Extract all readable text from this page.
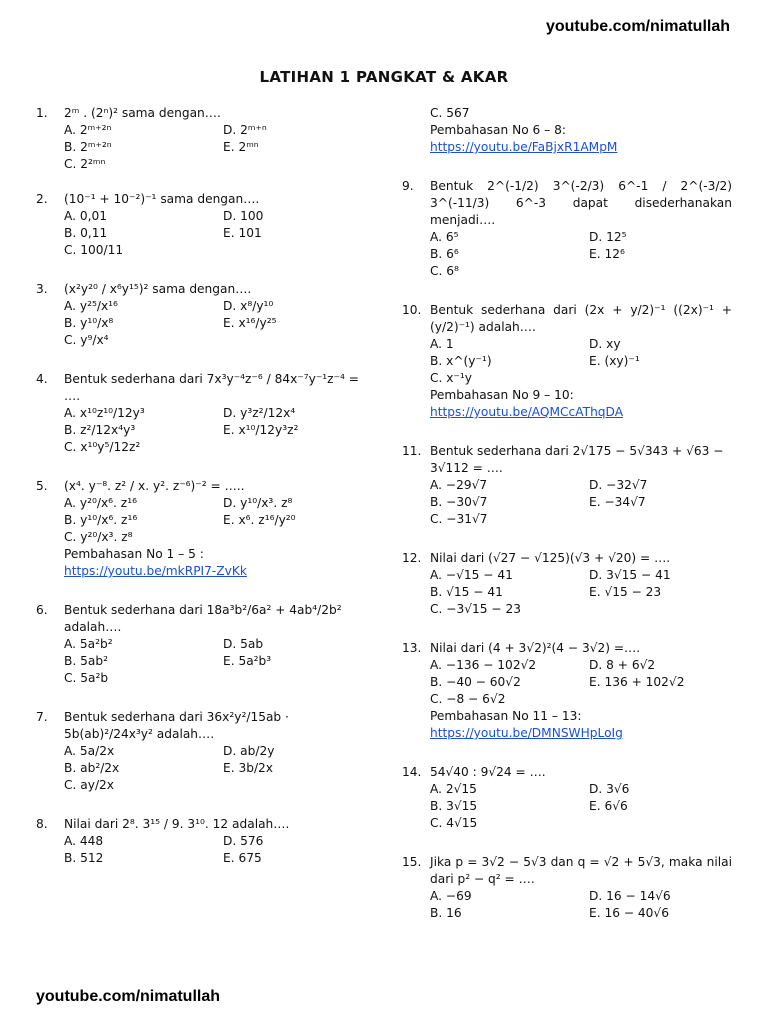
youtube.com/nimatullah
LATIHAN 1 PANGKAT & AKAR
1. 2ᵐ . (2ⁿ)² sama dengan….
A. 2ᵐ⁺²ⁿ	D. 2ᵐ⁺ⁿ
B. 2ᵐ⁺²ⁿ	E. 2ᵐⁿ
C. 2²ᵐⁿ
2. (10⁻¹ + 10⁻²)⁻¹ sama dengan….
A. 0,01	D. 100
B. 0,11	E. 101
C. 100/11
3. (x²y²⁰ / x⁶y¹⁵)² sama dengan….
A. y²⁵/x¹⁶	D. x⁸/y¹⁰
B. y¹⁰/x⁸	E. x¹⁶/y²⁵
C. y⁹/x⁴
4. Bentuk sederhana dari 7x³y⁻⁴z⁻⁶ / 84x⁻⁷y⁻¹z⁻⁴ = ….
A. x¹⁰z¹⁰/12y³	D. y³z²/12x⁴
B. z²/12x⁴y³	E. x¹⁰/12y³z²
C. x¹⁰y⁵/12z²
5. (x⁴. y⁻⁸. z² / x. y². z⁻⁶)⁻² = …..
A. y²⁰/x⁶. z¹⁶	D. y¹⁰/x³. z⁸
B. y¹⁰/x⁶. z¹⁶	E. x⁶. z¹⁶/y²⁰
C. y²⁰/x³. z⁸
Pembahasan No 1 – 5 :
https://youtu.be/mkRPI7-ZvKk
6. Bentuk sederhana dari 18a³b²/6a² + 4ab⁴/2b² adalah….
A. 5a²b²	D. 5ab
B. 5ab²	E. 5a²b³
C. 5a²b
7. Bentuk sederhana dari 36x²y²/15ab · 5b(ab)²/24x³y² adalah….
A. 5a/2x	D. ab/2y
B. ab²/2x	E. 3b/2x
C. ay/2x
8. Nilai dari 2⁸. 3¹⁵ / 9. 3¹⁰. 12 adalah….
A. 448	D. 576
B. 512	E. 675
C. 567
Pembahasan No 6 – 8:
https://youtu.be/FaBjxR1AMpM
9. Bentuk 2^(-1/2) 3^(-2/3) 6^-1 / 2^(-3/2) 3^(-11/3) 6^-3 dapat disederhanakan menjadi….
A. 6⁵	D. 12⁵
B. 6⁶	E. 12⁶
C. 6⁸
10. Bentuk sederhana dari (2x + y/2)⁻¹ ((2x)⁻¹ + (y/2)⁻¹) adalah….
A. 1	D. xy
B. x^(y⁻¹)	E. (xy)⁻¹
C. x⁻¹y
Pembahasan No 9 – 10:
https://youtu.be/AQMCcAThqDA
11. Bentuk sederhana dari 2√175 − 5√343 + √63 − 3√112 = ….
A. −29√7	D. −32√7
B. −30√7	E. −34√7
C. −31√7
12. Nilai dari (√27 − √125)(√3 + √20) = ….
A. −√15 − 41	D. 3√15 − 41
B. √15 − 41	E. √15 − 23
C. −3√15 − 23
13. Nilai dari (4 + 3√2)²(4 − 3√2) =….
A. −136 − 102√2	D. 8 + 6√2
B. −40 − 60√2	E. 136 + 102√2
C. −8 − 6√2
Pembahasan No 11 – 13:
https://youtu.be/DMNSWHpLoIg
14. 54√40 : 9√24 = ….
A. 2√15	D. 3√6
B. 3√15	E. 6√6
C. 4√15
15. Jika p = 3√2 − 5√3 dan q = √2 + 5√3, maka nilai dari p² − q² = ….
A. −69	D. 16 − 14√6
B. 16	E. 16 − 40√6
youtube.com/nimatullah
